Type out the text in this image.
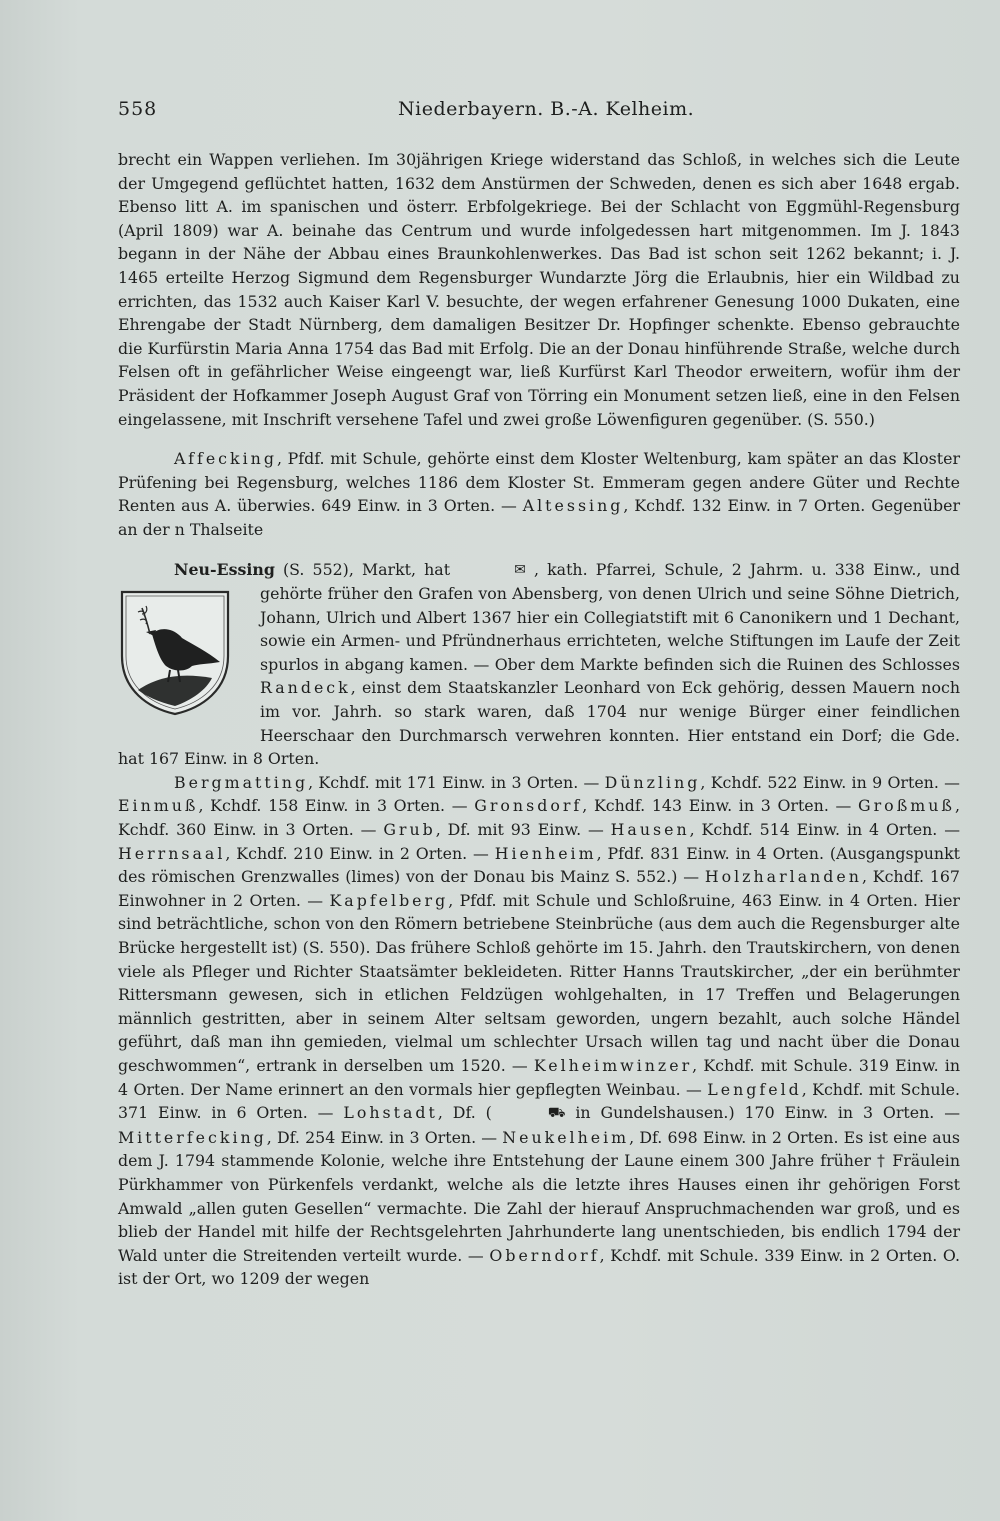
558	Niederbayern. B.-A. Kelheim.

brecht ein Wappen verliehen. Im 30jährigen Kriege widerstand das Schloß, in welches sich die Leute der Umgegend geflüchtet hatten, 1632 dem Anstürmen der Schweden, denen es sich aber 1648 ergab. Ebenso litt A. im spanischen und österr. Erbfolgekriege. Bei der Schlacht von Eggmühl-Regensburg (April 1809) war A. beinahe das Centrum und wurde infolgedessen hart mitgenommen. Im J. 1843 begann in der Nähe der Abbau eines Braunkohlenwerkes. Das Bad ist schon seit 1262 bekannt; i. J. 1465 erteilte Herzog Sigmund dem Regensburger Wundarzte Jörg die Erlaubnis, hier ein Wildbad zu errichten, das 1532 auch Kaiser Karl V. besuchte, der wegen erfahrener Genesung 1000 Dukaten, eine Ehrengabe der Stadt Nürnberg, dem damaligen Besitzer Dr. Hopfinger schenkte. Ebenso gebrauchte die Kurfürstin Maria Anna 1754 das Bad mit Erfolg. Die an der Donau hinführende Straße, welche durch Felsen oft in gefährlicher Weise eingeengt war, ließ Kurfürst Karl Theodor erweitern, wofür ihm der Präsident der Hofkammer Joseph August Graf von Törring ein Monument setzen ließ, eine in den Felsen eingelassene, mit Inschrift versehene Tafel und zwei große Löwenfiguren gegenüber. (S. 550.)

Affecking, Pfdf. mit Schule, gehörte einst dem Kloster Weltenburg, kam später an das Kloster Prüfening bei Regensburg, welches 1186 dem Kloster St. Emmeram gegen andere Güter und Rechte Renten aus A. überwies. 649 Einw. in 3 Orten. — Altessing, Kchdf. 132 Einw. in 7 Orten. Gegenüber an der n Thalseite

Neu-Essing (S. 552), Markt, hat	✉ , kath. Pfarrei, Schule, 2 Jahrm. u. 338 Einw., und gehörte früher den Grafen von Abensberg, von denen Ulrich und seine Söhne Dietrich, Johann, Ulrich und Albert 1367 hier ein Collegiatstift mit 6 Canonikern und 1 Dechant, sowie ein Armen- und Pfründnerhaus errichteten, welche Stiftungen im Laufe der Zeit spurlos in abgang kamen. — Ober dem Markte befinden sich die Ruinen des Schlosses Randeck, einst dem Staatskanzler Leonhard von Eck gehörig, dessen Mauern noch im vor. Jahrh. so stark waren, daß 1704 nur wenige Bürger einer feindlichen Heerschaar den Durchmarsch verwehren konnten. Hier entstand ein Dorf; die Gde. hat 167 Einw. in 8 Orten.

Bergmatting, Kchdf. mit 171 Einw. in 3 Orten. — Dünzling, Kchdf. 522 Einw. in 9 Orten. — Einmuß, Kchdf. 158 Einw. in 3 Orten. — Gronsdorf, Kchdf. 143 Einw. in 3 Orten. — Großmuß, Kchdf. 360 Einw. in 3 Orten. — Grub, Df. mit 93 Einw. — Hausen, Kchdf. 514 Einw. in 4 Orten. — Herrnsaal, Kchdf. 210 Einw. in 2 Orten. — Hienheim, Pfdf. 831 Einw. in 4 Orten. (Ausgangspunkt des römischen Grenzwalles (limes) von der Donau bis Mainz S. 552.) — Holzharlanden, Kchdf. 167 Einwohner in 2 Orten. — Kapfelberg, Pfdf. mit Schule und Schloßruine, 463 Einw. in 4 Orten. Hier sind beträchtliche, schon von den Römern betriebene Steinbrüche (aus dem auch die Regensburger alte Brücke hergestellt ist) (S. 550). Das frühere Schloß gehörte im 15. Jahrh. den Trautskirchern, von denen viele als Pfleger und Richter Staatsämter bekleideten. Ritter Hanns Trautskircher, „der ein berühmter Rittersmann gewesen, sich in etlichen Feldzügen wohlgehalten, in 17 Treffen und Belagerungen männlich gestritten, aber in seinem Alter seltsam geworden, ungern bezahlt, auch solche Händel geführt, daß man ihn gemieden, vielmal um schlechter Ursach willen tag und nacht über die Donau geschwommen“, ertrank in derselben um 1520. — Kelheimwinzer, Kchdf. mit Schule. 319 Einw. in 4 Orten. Der Name erinnert an den vormals hier gepflegten Weinbau. — Lengfeld, Kchdf. mit Schule. 371 Einw. in 6 Orten. — Lohstadt, Df. (	⛟ in Gundelshausen.) 170 Einw. in 3 Orten. — Mitterfecking, Df. 254 Einw. in 3 Orten. — Neukelheim, Df. 698 Einw. in 2 Orten. Es ist eine aus dem J. 1794 stammende Kolonie, welche ihre Entstehung der Laune einem 300 Jahre früher † Fräulein Pürkhammer von Pürkenfels verdankt, welche als die letzte ihres Hauses einen ihr gehörigen Forst Amwald „allen guten Gesellen“ vermachte. Die Zahl der hierauf Anspruchmachenden war groß, und es blieb der Handel mit hilfe der Rechtsgelehrten Jahrhunderte lang unentschieden, bis endlich 1794 der Wald unter die Streitenden verteilt wurde. — Oberndorf, Kchdf. mit Schule. 339 Einw. in 2 Orten. O. ist der Ort, wo 1209 der wegen
